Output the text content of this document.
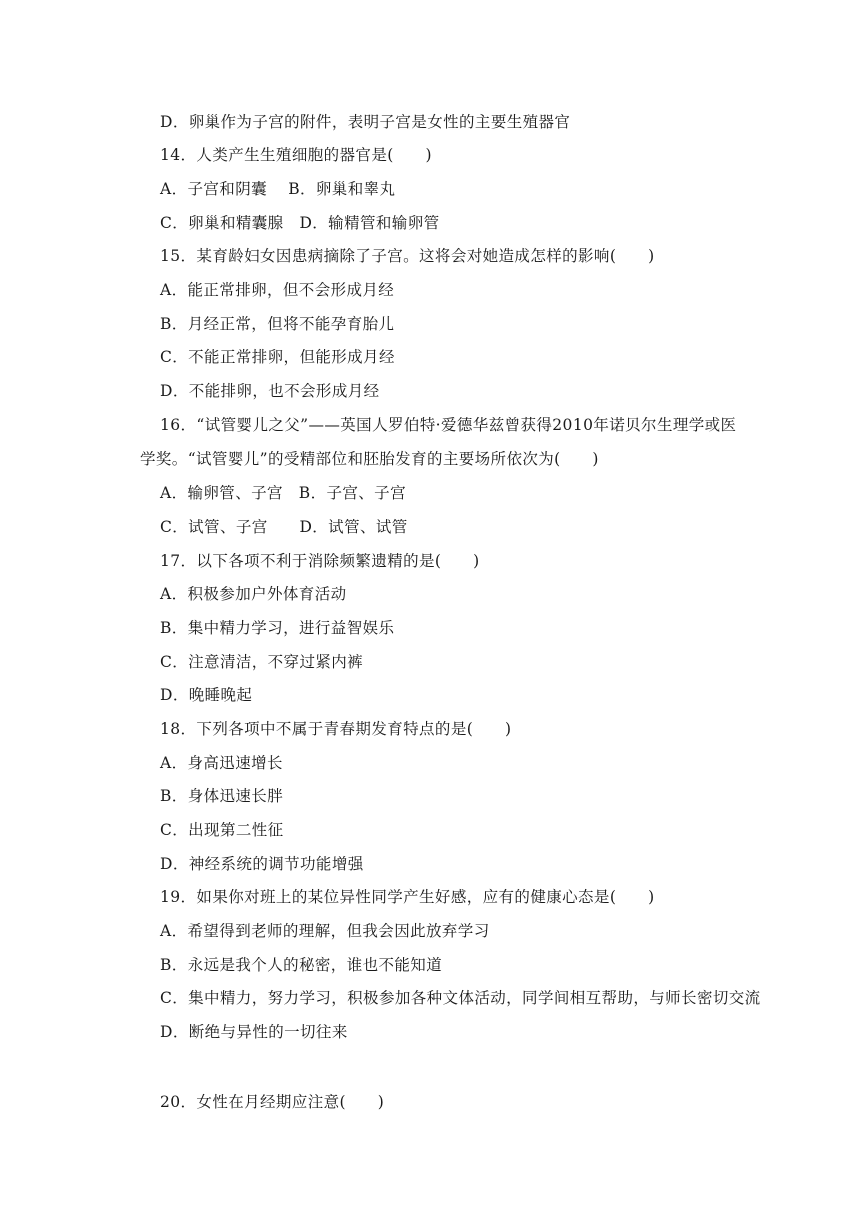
D．卵巢作为子宫的附件，表明子宫是女性的主要生殖器官
14．人类产生生殖细胞的器官是(　　)
A．子宫和阴囊　 B．卵巢和睾丸
C．卵巢和精囊腺　D．输精管和输卵管
15．某育龄妇女因患病摘除了子宫。这将会对她造成怎样的影响(　　)
A．能正常排卵，但不会形成月经
B．月经正常，但将不能孕育胎儿
C．不能正常排卵，但能形成月经
D．不能排卵，也不会形成月经
16．“试管婴儿之父”——英国人罗伯特·爱德华兹曾获得2010年诺贝尔生理学或医学奖。“试管婴儿”的受精部位和胚胎发育的主要场所依次为(　　)
A．输卵管、子宫　B．子宫、子宫
C．试管、子宫　　D．试管、试管
17．以下各项不利于消除频繁遗精的是(　　)
A．积极参加户外体育活动
B．集中精力学习，进行益智娱乐
C．注意清洁，不穿过紧内裤
D．晚睡晚起
18．下列各项中不属于青春期发育特点的是(　　)
A．身高迅速增长
B．身体迅速长胖
C．出现第二性征
D．神经系统的调节功能增强
19．如果你对班上的某位异性同学产生好感，应有的健康心态是(　　)
A．希望得到老师的理解，但我会因此放弃学习
B．永远是我个人的秘密，谁也不能知道
C．集中精力，努力学习，积极参加各种文体活动，同学间相互帮助，与师长密切交流
D．断绝与异性的一切往来
20．女性在月经期应注意(　　)
